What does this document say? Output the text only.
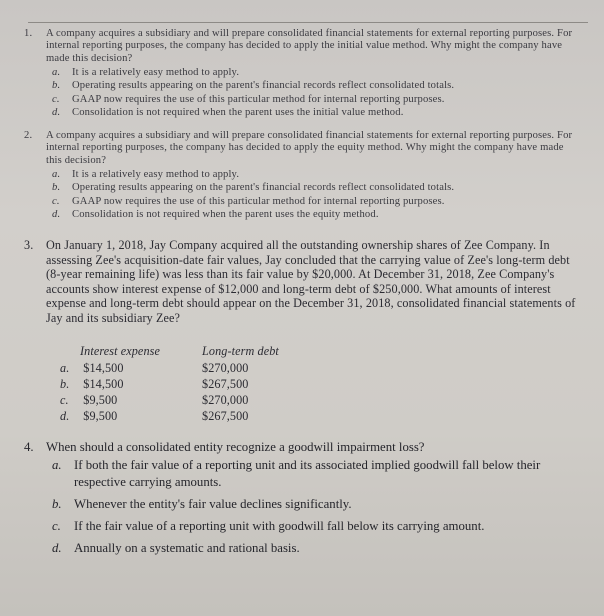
1. A company acquires a subsidiary and will prepare consolidated financial statements for external reporting purposes. For internal reporting purposes, the company has decided to apply the initial value method. Why might the company have made this decision?
a.	It is a relatively easy method to apply.
b.	Operating results appearing on the parent's financial records reflect consolidated totals.
c.	GAAP now requires the use of this particular method for internal reporting purposes.
d.	Consolidation is not required when the parent uses the initial value method.
2. A company acquires a subsidiary and will prepare consolidated financial statements for external reporting purposes. For internal reporting purposes, the company has decided to apply the equity method. Why might the company have made this decision?
a.	It is a relatively easy method to apply.
b.	Operating results appearing on the parent's financial records reflect consolidated totals.
c.	GAAP now requires the use of this particular method for internal reporting purposes.
d.	Consolidation is not required when the parent uses the equity method.
3. On January 1, 2018, Jay Company acquired all the outstanding ownership shares of Zee Company. In assessing Zee's acquisition-date fair values, Jay concluded that the carrying value of Zee's long-term debt (8-year remaining life) was less than its fair value by $20,000. At December 31, 2018, Zee Company's accounts show interest expense of $12,000 and long-term debt of $250,000. What amounts of interest expense and long-term debt should appear on the December 31, 2018, consolidated financial statements of Jay and its subsidiary Zee?
Interest expense		Long-term debt
a.	$14,500	$270,000
b.	$14,500	$267,500
c.	$9,500	$270,000
d.	$9,500	$267,500
4. When should a consolidated entity recognize a goodwill impairment loss?
a. If both the fair value of a reporting unit and its associated implied goodwill fall below their respective carrying amounts.
b. Whenever the entity's fair value declines significantly.
c.	If the fair value of a reporting unit with goodwill fall below its carrying amount.
d. Annually on a systematic and rational basis.
